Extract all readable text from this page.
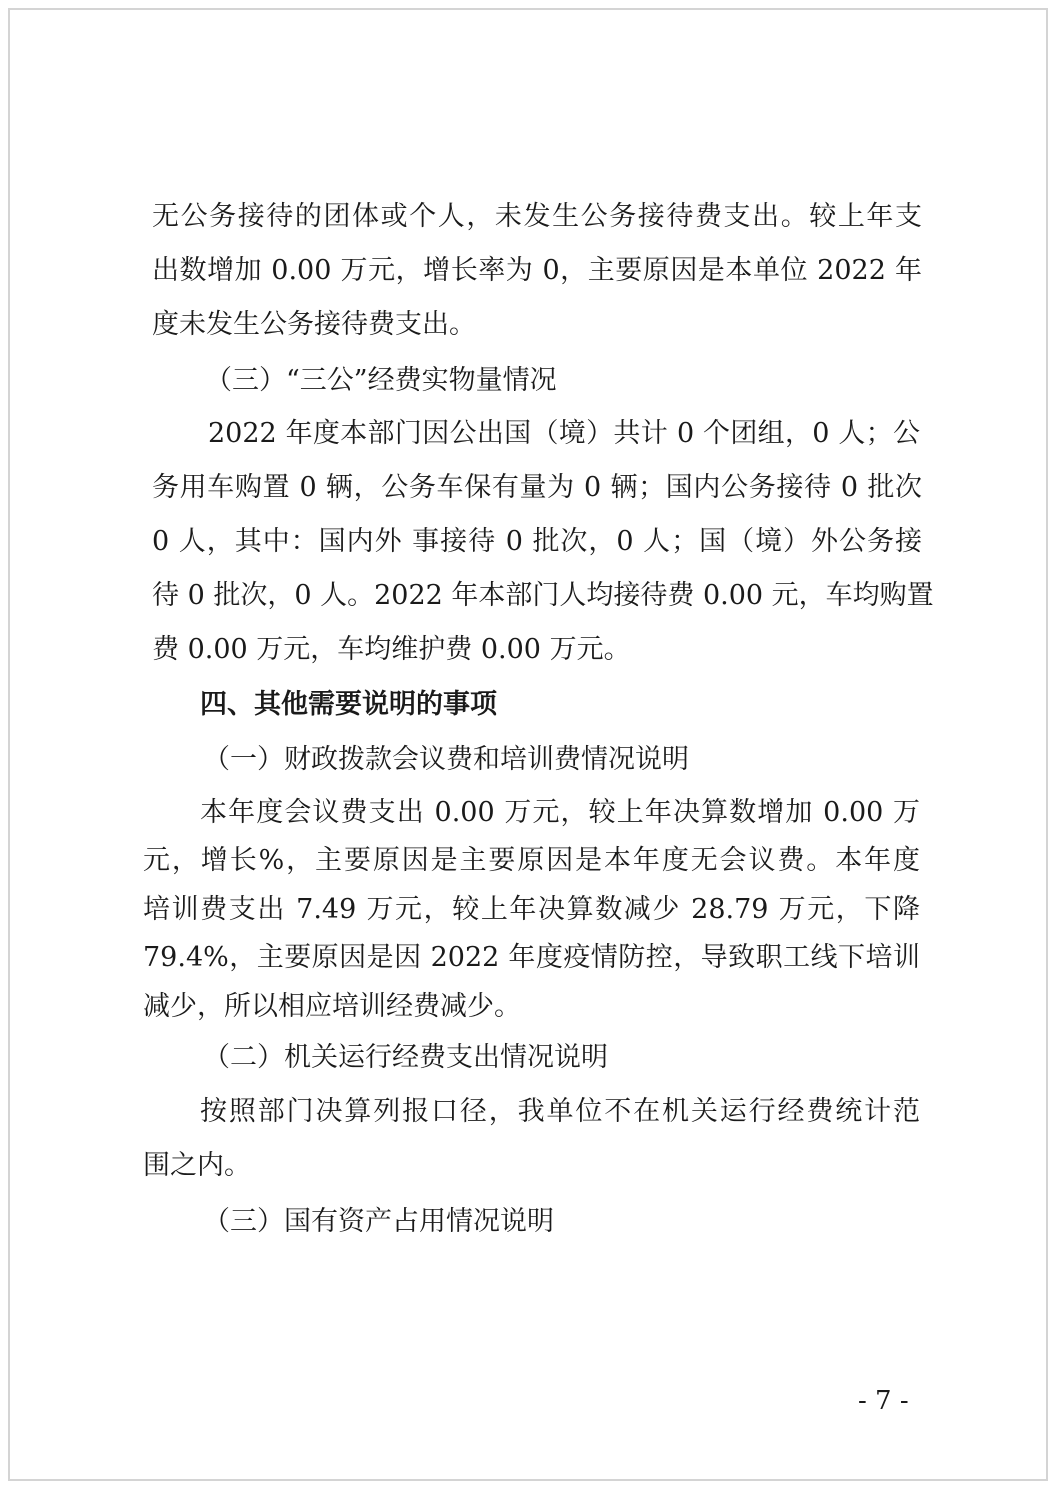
无公务接待的团体或个人，未发生公务接待费支出。较上年支
出数增加 0.00 万元，增长率为 0，主要原因是本单位 2022 年
度未发生公务接待费支出。
（三）“三公”经费实物量情况
2022 年度本部门因公出国（境）共计 0 个团组，0 人；公
务用车购置 0 辆，公务车保有量为 0 辆；国内公务接待 0 批次
0 人，其中：国内外 事接待 0 批次，0 人；国（境）外公务接
待 0 批次，0 人。2022 年本部门人均接待费 0.00 元，车均购置
费 0.00 万元，车均维护费 0.00 万元。
四、其他需要说明的事项
（一）财政拨款会议费和培训费情况说明
本年度会议费支出 0.00 万元，较上年决算数增加 0.00 万
元，增长%，主要原因是主要原因是本年度无会议费。本年度
培训费支出 7.49 万元，较上年决算数减少 28.79 万元，下降
79.4%，主要原因是因 2022 年度疫情防控，导致职工线下培训
减少，所以相应培训经费减少。
（二）机关运行经费支出情况说明
按照部门决算列报口径，我单位不在机关运行经费统计范
围之内。
（三）国有资产占用情况说明
- 7 -
